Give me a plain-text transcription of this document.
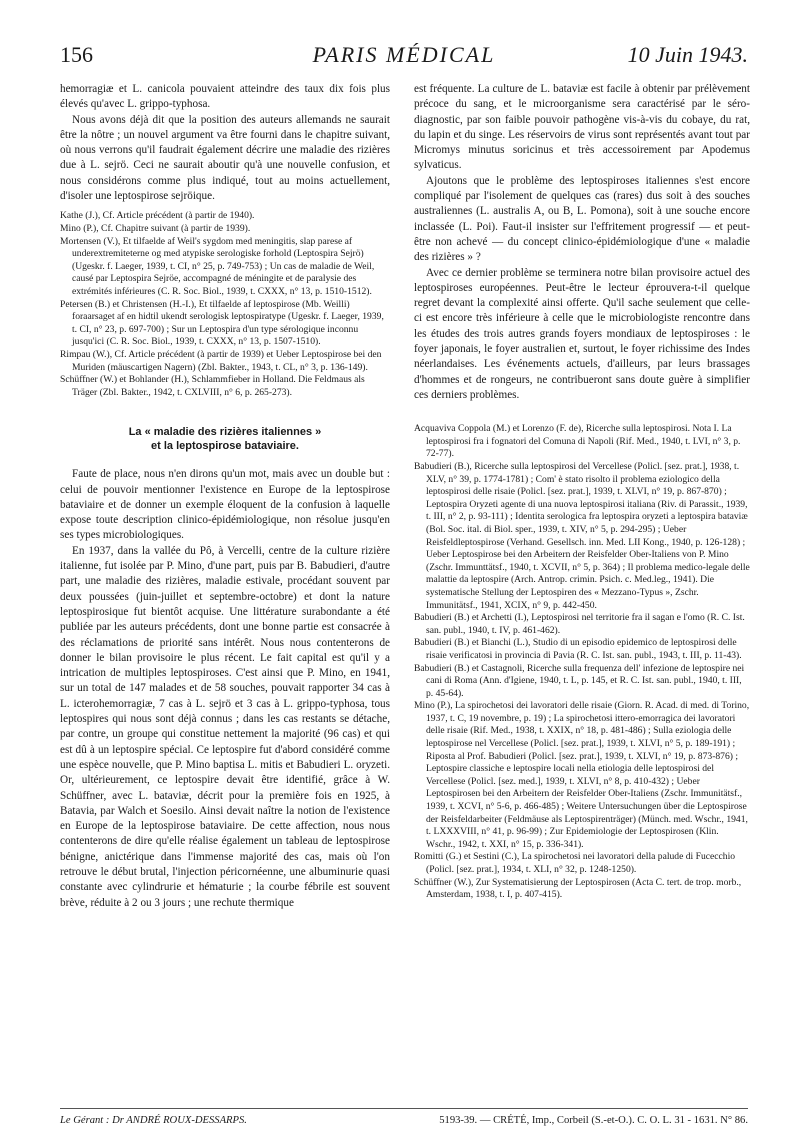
156	PARIS MÉDICAL	10 Juin 1943.

hemorragiæ et L. canicola pouvaient atteindre des taux dix fois plus élevés qu'avec L. grippo-typhosa.

Nous avons déjà dit que la position des auteurs allemands ne saurait être la nôtre ; un nouvel argument va être fourni dans le chapitre suivant, où nous verrons qu'il faudrait également décrire une maladie des rizières due à L. sejrö. Ceci ne saurait aboutir qu'à une nouvelle confusion, et nous considérons comme plus indiqué, tout au moins actuellement, d'isoler une leptospirose sejröique.

Kathe (J.), Cf. Article précédent (à partir de 1940).

Mino (P.), Cf. Chapitre suivant (à partir de 1939).

Mortensen (V.), Et tilfaelde af Weil's sygdom med meningitis, slap parese af underextremiteterne og med atypiske serologiske forhold (Leptospira Sejrö) (Ugeskr. f. Laeger, 1939, t. CI, n° 25, p. 749-753) ; Un cas de maladie de Weil, causé par Leptospira Sejröe, accompagné de méningite et de paralysie des extrémités inférieures (C. R. Soc. Biol., 1939, t. CXXX, n° 13, p. 1510-1512).

Petersen (B.) et Christensen (H.-I.), Et tilfaelde af leptospirose (Mb. Weilli) foraarsaget af en hidtil ukendt serologisk leptospiratype (Ugeskr. f. Laeger, 1939, t. CI, n° 23, p. 697-700) ; Sur un Leptospira d'un type sérologique inconnu jusqu'ici (C. R. Soc. Biol., 1939, t. CXXX, n° 13, p. 1507-1510).

Rimpau (W.), Cf. Article précédent (à partir de 1939) et Ueber Leptospirose bei den Muriden (mäuscartigen Nagern) (Zbl. Bakter., 1943, t. CL, n° 3, p. 136-149).

Schüffner (W.) et Bohlander (H.), Schlammfieber in Holland. Die Feldmaus als Träger (Zbl. Bakter., 1942, t. CXLVIII, n° 6, p. 265-273).

La « maladie des rizières italiennes »
et la leptospirose bataviaire.

Faute de place, nous n'en dirons qu'un mot, mais avec un double but : celui de pouvoir mentionner l'existence en Europe de la leptospirose bataviaire et de donner un exemple éloquent de la confusion à laquelle expose toute description clinico-épidémiologique, non résolue jusqu'en ses types microbiologiques.

En 1937, dans la vallée du Pô, à Vercelli, centre de la culture rizière italienne, fut isolée par P. Mino, d'une part, puis par B. Babudieri, d'autre part, une maladie des rizières, maladie estivale, procédant souvent par deux poussées (juin-juillet et septembre-octobre) et dont la nature leptospirosique fut bientôt acquise. Une littérature surabondante a été publiée par les auteurs précédents, dont une bonne partie est consacrée à des réclamations de priorité sans intérêt. Nous nous contenterons de donner le bilan provisoire le plus récent. Le fait capital est qu'il y a intrication de multiples leptospiroses. C'est ainsi que P. Mino, en 1941, sur un total de 147 malades et de 58 souches, pouvait rapporter 34 cas à L. icterohemorragiæ, 7 cas à L. sejrö et 3 cas à L. grippo-typhosa, tous leptospires qui nous sont déjà connus ; dans les cas restants se détache, par contre, un groupe qui constitue nettement la majorité (96 cas) et qui est dû à un leptospire spécial. Ce leptospire fut d'abord considéré comme une espèce nouvelle, que P. Mino baptisa L. mitis et Babudieri L. oryzeti. Or, ultérieurement, ce leptospire devait être identifié, grâce à W. Schüffner, avec L. bataviæ, décrit pour la première fois en 1925, à Batavia, par Walch et Soesilo. Ainsi devait naître la notion de l'existence en Europe de la leptospirose bataviaire. De cette affection, nous nous contenterons de dire qu'elle réalise également un tableau de leptospirose bénigne, anictérique dans l'immense majorité des cas, mais où l'on retrouve le début brutal, l'injection péricornéenne, une albuminurie quasi constante avec cylindrurie et hématurie ; la courbe fébrile est souvent brève, réduite à 2 ou 3 jours ; une rechute thermique

est fréquente. La culture de L. bataviæ est facile à obtenir par prélèvement précoce du sang, et le microorganisme sera caractérisé par le séro-diagnostic, par son faible pouvoir pathogène vis-à-vis du cobaye, du rat, du lapin et du singe. Les réservoirs de virus sont représentés avant tout par Micromys minutus soricinus et très accessoirement par Apodemus sylvaticus.

Ajoutons que le problème des leptospiroses italiennes s'est encore compliqué par l'isolement de quelques cas (rares) dus soit à des souches australiennes (L. australis A, ou B, L. Pomona), soit à une souche encore inclassée (L. Poi). Faut-il insister sur l'effritement progressif — et peut-être non achevé — du concept clinico-épidémiologique d'une « maladie des rizières » ?

Avec ce dernier problème se terminera notre bilan provisoire actuel des leptospiroses européennes. Peut-être le lecteur éprouvera-t-il quelque regret devant la complexité ainsi offerte. Qu'il sache seulement que celle-ci est encore très inférieure à celle que le microbiologiste rencontre dans les études des trois autres grands foyers mondiaux de leptospiroses : le foyer japonais, le foyer australien et, surtout, le foyer richissime des Indes néerlandaises. Les événements actuels, d'ailleurs, par leurs brassages d'hommes et de rongeurs, ne contribueront sans doute guère à simplifier ces derniers problèmes.

Acquaviva Coppola (M.) et Lorenzo (F. de), Ricerche sulla leptospirosi. Nota I. La leptospirosi fra i fognatori del Comuna di Napoli (Rif. Med., 1940, t. LVI, n° 3, p. 72-77).

Babudieri (B.), Ricerche sulla leptospirosi del Vercellese (Policl. [sez. prat.], 1938, t. XLV, n° 39, p. 1774-1781) ; Com' è stato risolto il problema eziologico della leptospirosi delle risaie (Policl. [sez. prat.], 1939, t. XLVI, n° 19, p. 867-870) ; Leptospira Oryzeti agente di una nuova leptospirosi italiana (Riv. di Parassit., 1939, t. III, n° 2, p. 93-111) ; Identita serologica fra leptospira oryzeti a leptospira bataviæ (Bol. Soc. ital. di Biol. sper., 1939, t. XIV, n° 5, p. 294-295) ; Ueber Reisfeldleptospirose (Verhand. Gesellsch. inn. Med. LII Kong., 1940, p. 126-128) ; Ueber Leptospirose bei den Arbeitern der Reisfelder Ober-Italiens von P. Mino (Zschr. Immunttätsf., 1940, t. XCVII, n° 5, p. 364) ; Il problema medico-legale delle malattie da leptospire (Arch. Antrop. crimin. Psich. c. Med.leg., 1941). Die systematische Stellung der Leptospiren des « Mezzano-Typus », Zschr. Immunitätsf., 1941, XCIX, n° 9, p. 442-450.

Babudieri (B.) et Archetti (I.), Leptospirosi nel territorie fra il sagan e l'omo (R. C. Ist. san. publ., 1940, t. IV, p. 461-462).

Babudieri (B.) et Bianchi (L.), Studio di un episodio epidemico de leptospirosi delle risaie verificatosi in provincia di Pavia (R. C. Ist. san. publ., 1943, t. III, p. 11-43).

Babudieri (B.) et Castagnoli, Ricerche sulla frequenza dell' infezione de leptospire nei cani di Roma (Ann. d'Igiene, 1940, t. L, p. 145, et R. C. Ist. san. publ., 1940, t. III, p. 45-64).

Mino (P.), La spirochetosi dei lavoratori delle risaie (Giorn. R. Acad. di med. di Torino, 1937, t. C, 19 novembre, p. 19) ; La spirochetosi ittero-emorragica dei lavoratori delle risaie (Rif. Med., 1938, t. XXIX, n° 18, p. 481-486) ; Sulla eziologia delle leptospirose nel Vercellese (Policl. [sez. prat.], 1939, t. XLVI, n° 5, p. 189-191) ; Riposta al Prof. Babudieri (Policl. [sez. prat.], 1939, t. XLVI, n° 19, p. 873-876) ; Leptospire classiche e leptospire locali nella etiologia delle leptospirosi del Vercellese (Policl. [sez. med.], 1939, t. XLVI, n° 8, p. 410-432) ; Ueber Leptospirosen bei den Arbeitern der Reisfelder Ober-Italiens (Zschr. Immunitätsf., 1939, t. XCVI, n° 5-6, p. 466-485) ; Weitere Untersuchungen über die Leptospirose der Reisfeldarbeiter (Feldmäuse als Leptospirenträger) (Münch. med. Wschr., 1941, t. LXXXVIII, n° 41, p. 96-99) ; Zur Epidemiologie der Leptospirosen (Klin. Wschr., 1942, t. XXI, n° 15, p. 336-341).

Romitti (G.) et Sestini (C.), La spirochetosi nei lavoratori della palude di Fucecchio (Policl. [sez. prat.], 1934, t. XLI, n° 32, p. 1248-1250).

Schüffner (W.), Zur Systematisierung der Leptospirosen (Acta C. tert. de trop. morb., Amsterdam, 1938, t. I, p. 407-415).

Le Gérant : Dr ANDRÉ ROUX-DESSARPS.	5193-39. — CRÉTÉ, Imp., Corbeil (S.-et-O.). C. O. L. 31 - 1631. N° 86.
